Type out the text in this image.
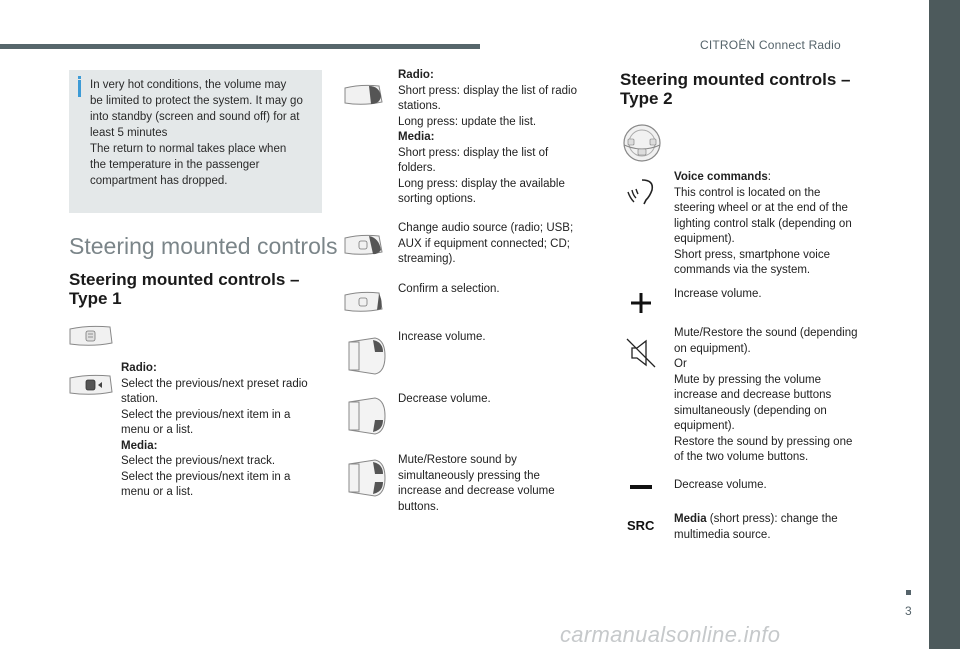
CITROËN Connect Radio
3
carmanualsonline.info
In very hot conditions, the volume may
be limited to protect the system. It may go
into standby (screen and sound off) for at
least 5 minutes
The return to normal takes place when
the temperature in the passenger
compartment has dropped.
Steering mounted controls
Steering mounted controls –
Type 1
Radio:
Select the previous/next preset radio
station.
Select the previous/next item in a
menu or a list.
Media:
Select the previous/next track.
Select the previous/next item in a
menu or a list.
Radio:
Short press: display the list of radio
stations.
Long press: update the list.
Media:
Short press: display the list of
folders.
Long press: display the available
sorting options.
Change audio source (radio; USB;
AUX if equipment connected; CD;
streaming).
Confirm a selection.
Increase volume.
Decrease volume.
Mute/Restore sound by
simultaneously pressing the
increase and decrease volume
buttons.
Steering mounted controls –
Type 2
Voice commands:
This control is located on the
steering wheel or at the end of the
lighting control stalk (depending on
equipment).
Short press, smartphone voice
commands via the system.
Increase volume.
Mute/Restore the sound (depending
on equipment).
Or
Mute by pressing the volume
increase and decrease buttons
simultaneously (depending on
equipment).
Restore the sound by pressing one
of the two volume buttons.
Decrease volume.
SRC Media (short press): change the
multimedia source.
